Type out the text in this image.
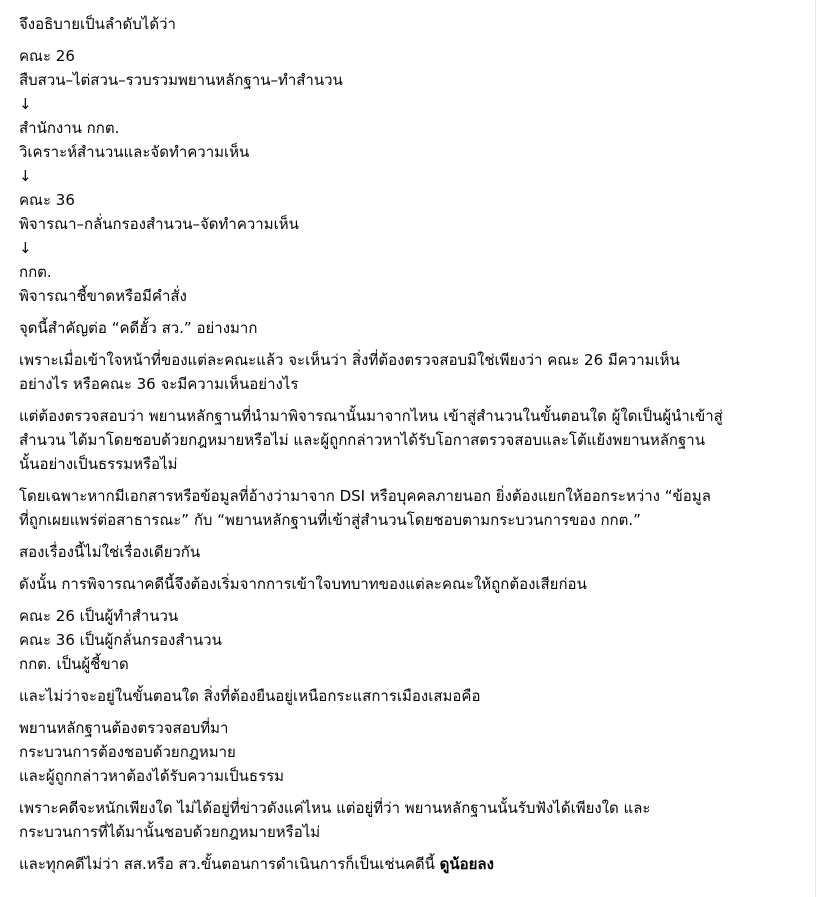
จึงอธิบายเป็นลำดับได้ว่า

คณะ 26
สืบสวน–ไต่สวน–รวบรวมพยานหลักฐาน–ทำสำนวน
↓
สำนักงาน กกต.
วิเคราะห์สำนวนและจัดทำความเห็น
↓
คณะ 36
พิจารณา–กลั่นกรองสำนวน–จัดทำความเห็น
↓
กกต.
พิจารณาชี้ขาดหรือมีคำสั่ง

จุดนี้สำคัญต่อ “คดีฮั้ว สว.” อย่างมาก

เพราะเมื่อเข้าใจหน้าที่ของแต่ละคณะแล้ว จะเห็นว่า สิ่งที่ต้องตรวจสอบมิใช่เพียงว่า คณะ 26 มีความเห็น
อย่างไร หรือคณะ 36 จะมีความเห็นอย่างไร

แต่ต้องตรวจสอบว่า พยานหลักฐานที่นำมาพิจารณานั้นมาจากไหน เข้าสู่สำนวนในขั้นตอนใด ผู้ใดเป็นผู้นำเข้าสู่
สำนวน ได้มาโดยชอบด้วยกฎหมายหรือไม่ และผู้ถูกกล่าวหาได้รับโอกาสตรวจสอบและโต้แย้งพยานหลักฐาน
นั้นอย่างเป็นธรรมหรือไม่

โดยเฉพาะหากมีเอกสารหรือข้อมูลที่อ้างว่ามาจาก DSI หรือบุคคลภายนอก ยิ่งต้องแยกให้ออกระหว่าง “ข้อมูล
ที่ถูกเผยแพร่ต่อสาธารณะ” กับ “พยานหลักฐานที่เข้าสู่สำนวนโดยชอบตามกระบวนการของ กกต.”

สองเรื่องนี้ไม่ใช่เรื่องเดียวกัน

ดังนั้น การพิจารณาคดีนี้จึงต้องเริ่มจากการเข้าใจบทบาทของแต่ละคณะให้ถูกต้องเสียก่อน

คณะ 26 เป็นผู้ทำสำนวน
คณะ 36 เป็นผู้กลั่นกรองสำนวน
กกต. เป็นผู้ชี้ขาด

และไม่ว่าจะอยู่ในขั้นตอนใด สิ่งที่ต้องยืนอยู่เหนือกระแสการเมืองเสมอคือ

พยานหลักฐานต้องตรวจสอบที่มา
กระบวนการต้องชอบด้วยกฎหมาย
และผู้ถูกกล่าวหาต้องได้รับความเป็นธรรม

เพราะคดีจะหนักเพียงใด ไม่ได้อยู่ที่ข่าวดังแค่ไหน แต่อยู่ที่ว่า พยานหลักฐานนั้นรับฟังได้เพียงใด และ
กระบวนการที่ได้มานั้นชอบด้วยกฎหมายหรือไม่

และทุกคดีไม่ว่า สส.หรือ สว.ขั้นตอนการดำเนินการก็เป็นเช่นคดีนี้ ดูน้อยลง
